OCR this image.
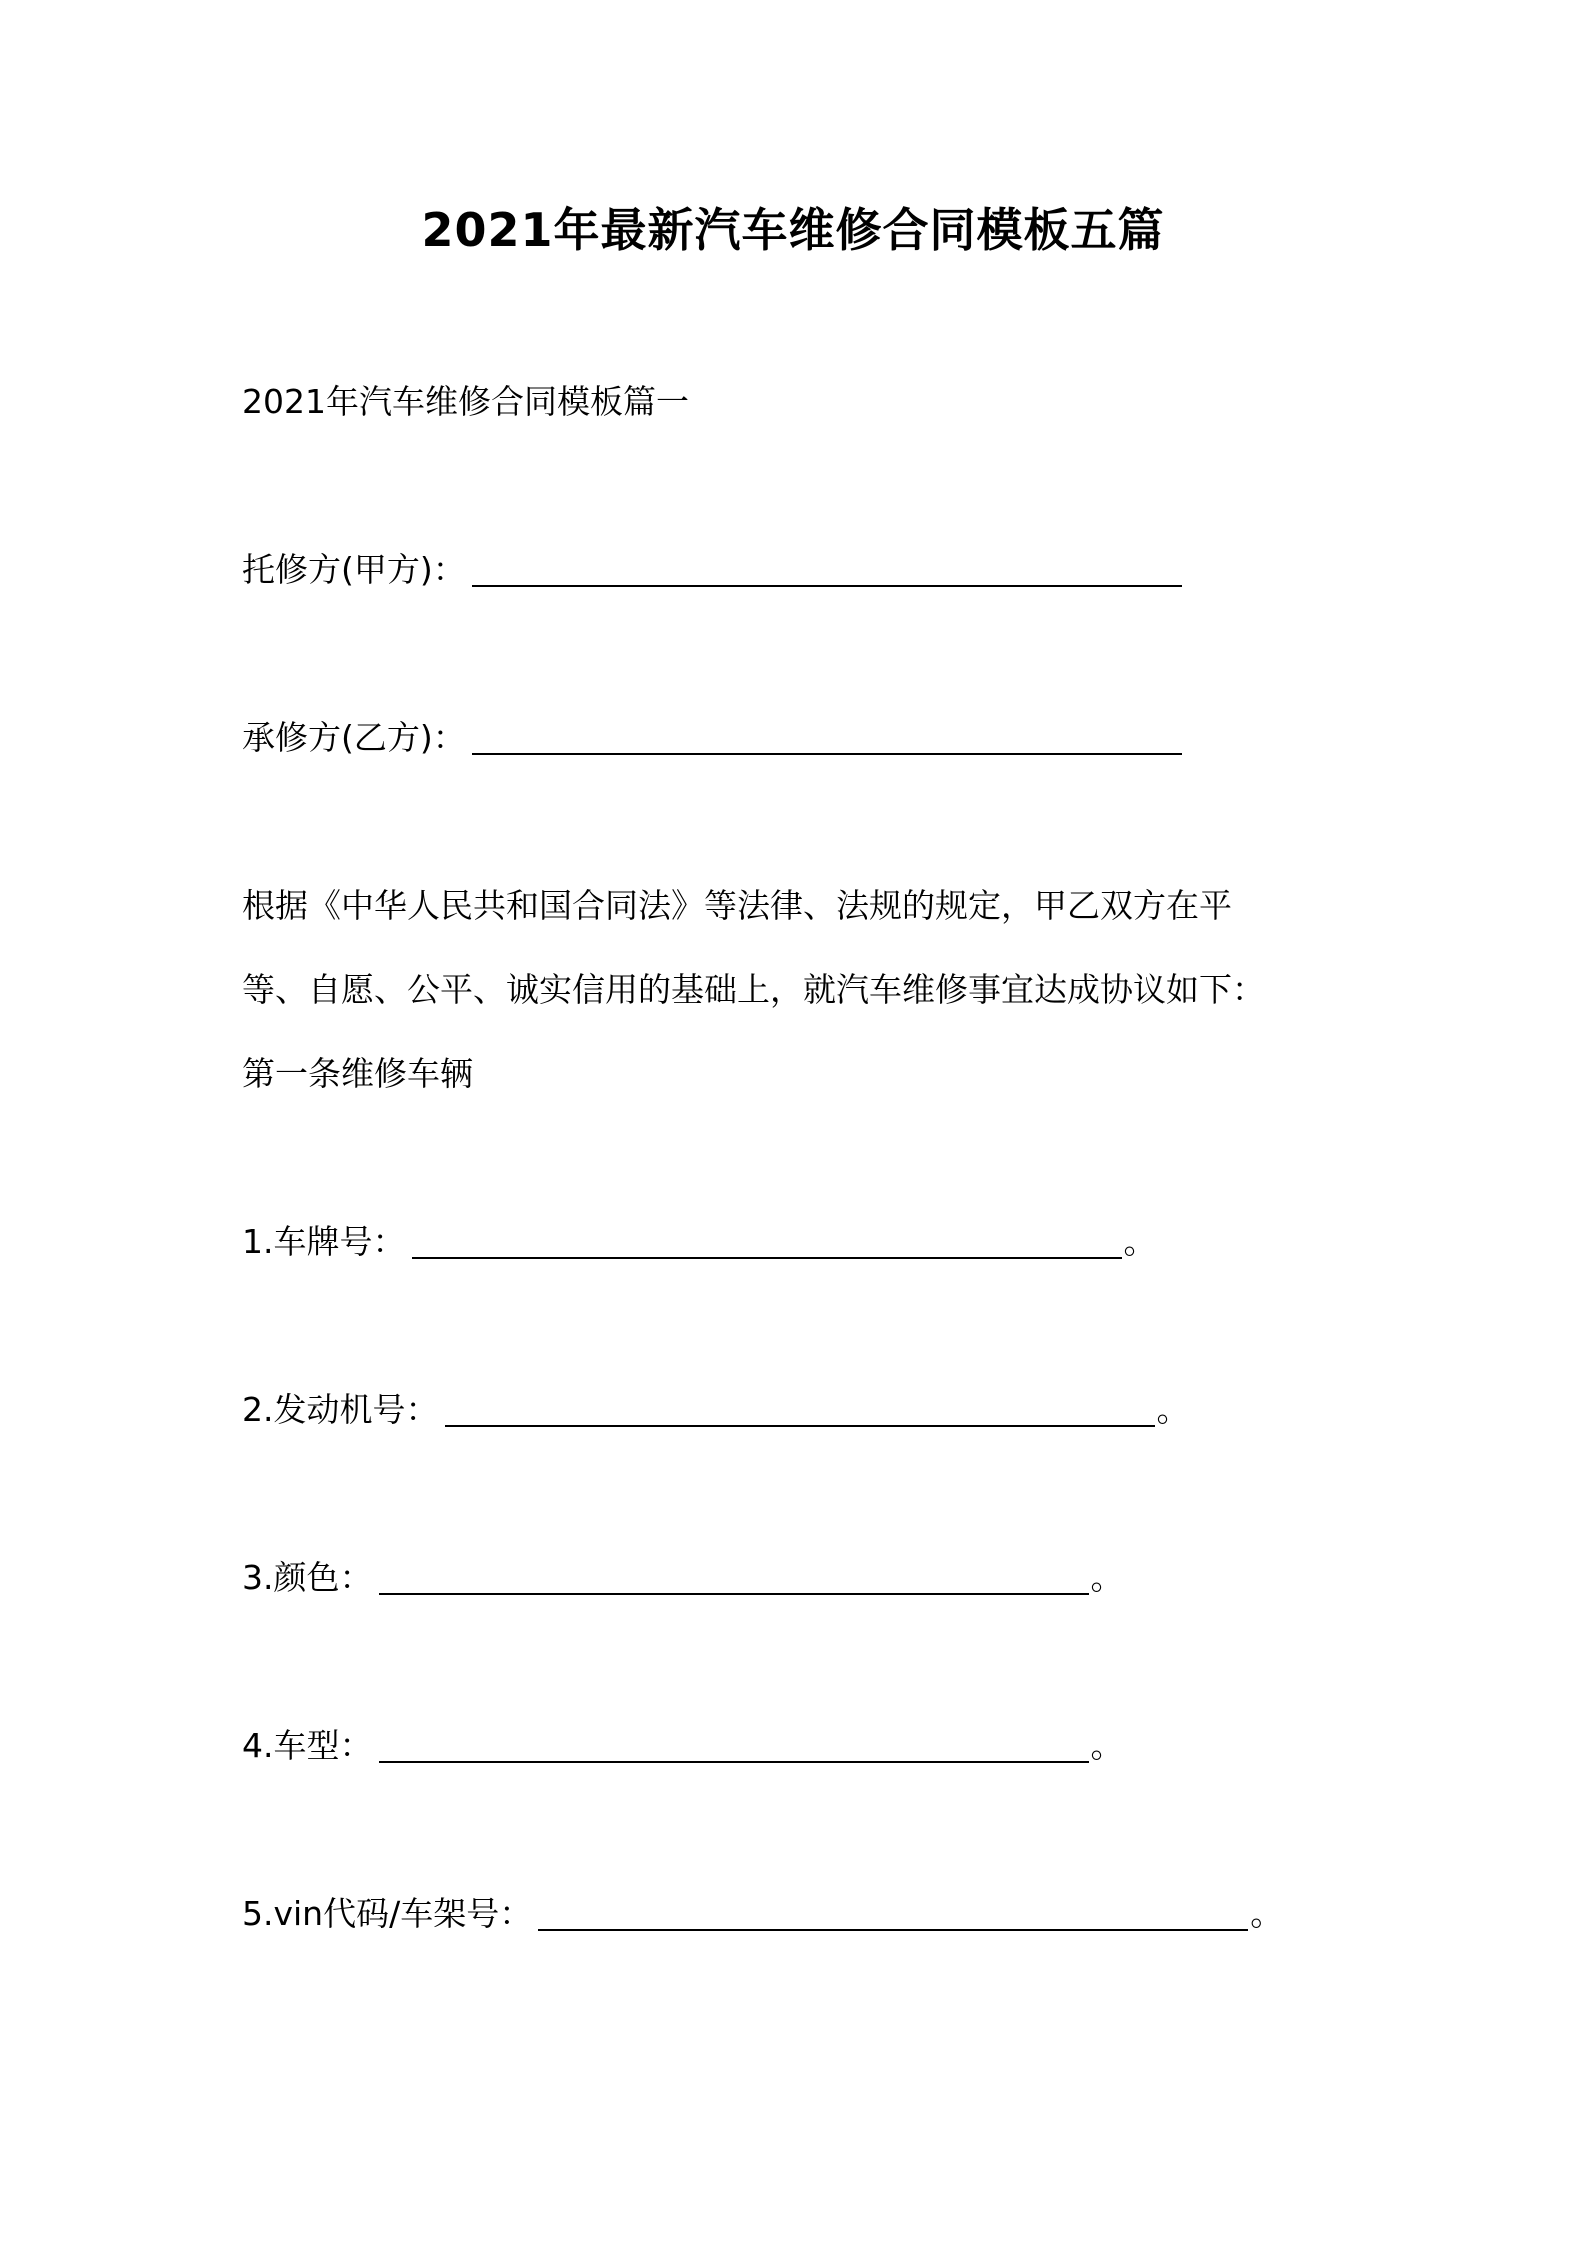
2021年最新汽车维修合同模板五篇
2021年汽车维修合同模板篇一
托修方(甲方)：
承修方(乙方)：
根据《中华人民共和国合同法》等法律、法规的规定，甲乙双方在平
等、自愿、公平、诚实信用的基础上，就汽车维修事宜达成协议如下：
第一条维修车辆
1.车牌号：	。
2.发动机号：	。
3.颜色：	。
4.车型：	。
5.vin代码/车架号：	。
